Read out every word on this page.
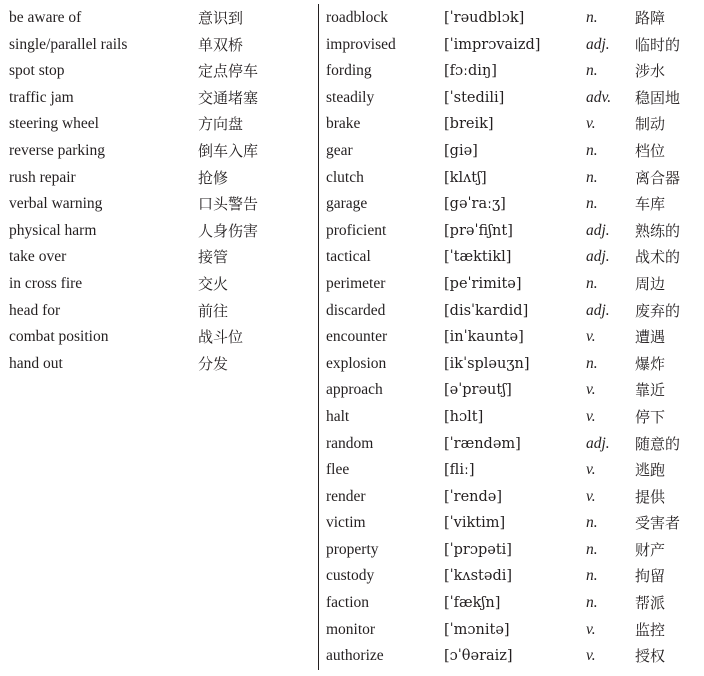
be aware of	意识到
single/parallel rails	单双桥
spot stop	定点停车
traffic jam	交通堵塞
steering wheel	方向盘
reverse parking	倒车入库
rush repair	抢修
verbal warning	口头警告
physical harm	人身伤害
take over	接管
in cross fire	交火
head for	前往
combat position	战斗位
hand out	分发
roadblock	[ˈrəudblɔk]	n. 路障
improvised	[ˈimprɔvaizd]	adj. 临时的
fording	[fɔːdiŋ]	n. 涉水
steadily	[ˈstedili]	adv. 稳固地
brake	[breik]	v.	制动
gear	[giə]	n. 档位
clutch	[klʌtʃ]	n. 离合器
garage	[gəˈraːʒ]	n. 车库
proficient	[prəˈfiʃnt]	adj. 熟练的
tactical	[ˈtæktikl]	adj. 战术的
perimeter	[peˈrimitə]	n. 周边
discarded	[disˈkardid]	adj. 废弃的
encounter	[inˈkauntə]	v.	遭遇
explosion	[ikˈspləuʒn]	n. 爆炸
approach	[əˈprəutʃ]	v.	靠近
halt	[hɔlt]	v.	停下
random	[ˈrændəm]	adj. 随意的
flee	[fliː]	v.	逃跑
render	[ˈrendə]	v.	提供
victim	[ˈviktim]	n. 受害者
property	[ˈprɔpəti]	n. 财产
custody	[ˈkʌstədi]	n. 拘留
faction	[ˈfækʃn]	n. 帮派
monitor	[ˈmɔnitə]	v.	监控
authorize	[ɔˈθəraiz]	v.	授权
